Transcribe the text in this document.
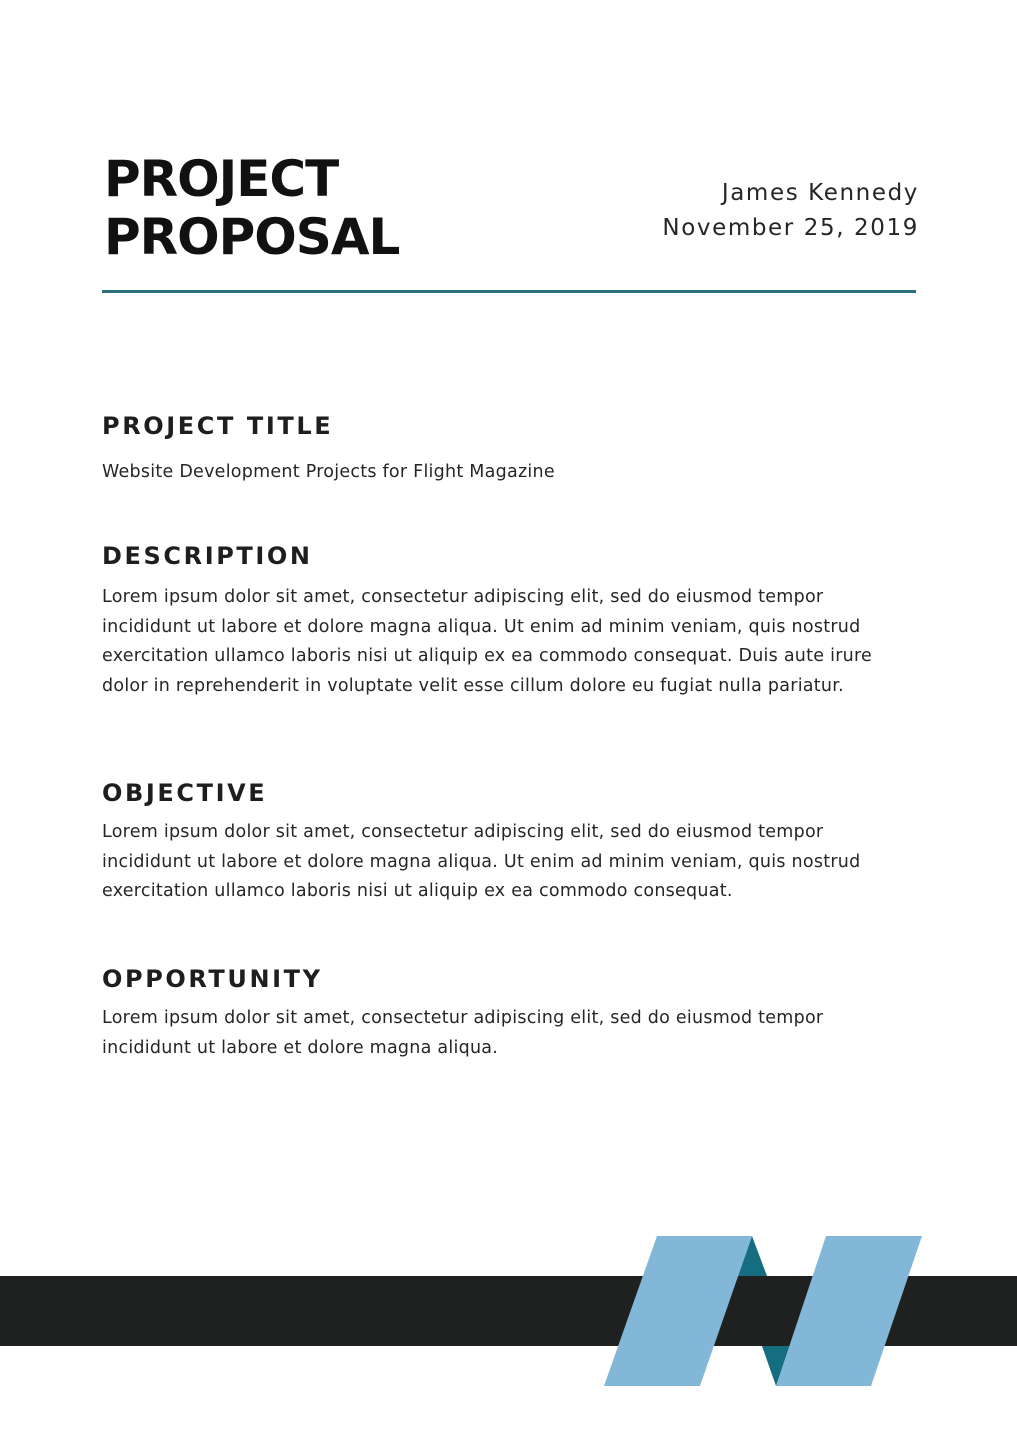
PROJECT
PROPOSAL
James Kennedy
November 25, 2019
PROJECT TITLE

Website Development Projects for Flight Magazine

DESCRIPTION

Lorem ipsum dolor sit amet, consectetur adipiscing elit, sed do eiusmod tempor incididunt ut labore et dolore magna aliqua. Ut enim ad minim veniam, quis nostrud exercitation ullamco laboris nisi ut aliquip ex ea commodo consequat. Duis aute irure dolor in reprehenderit in voluptate velit esse cillum dolore eu fugiat nulla pariatur.

OBJECTIVE

Lorem ipsum dolor sit amet, consectetur adipiscing elit, sed do eiusmod tempor incididunt ut labore et dolore magna aliqua. Ut enim ad minim veniam, quis nostrud exercitation ullamco laboris nisi ut aliquip ex ea commodo consequat.

OPPORTUNITY

Lorem ipsum dolor sit amet, consectetur adipiscing elit, sed do eiusmod tempor incididunt ut labore et dolore magna aliqua.
